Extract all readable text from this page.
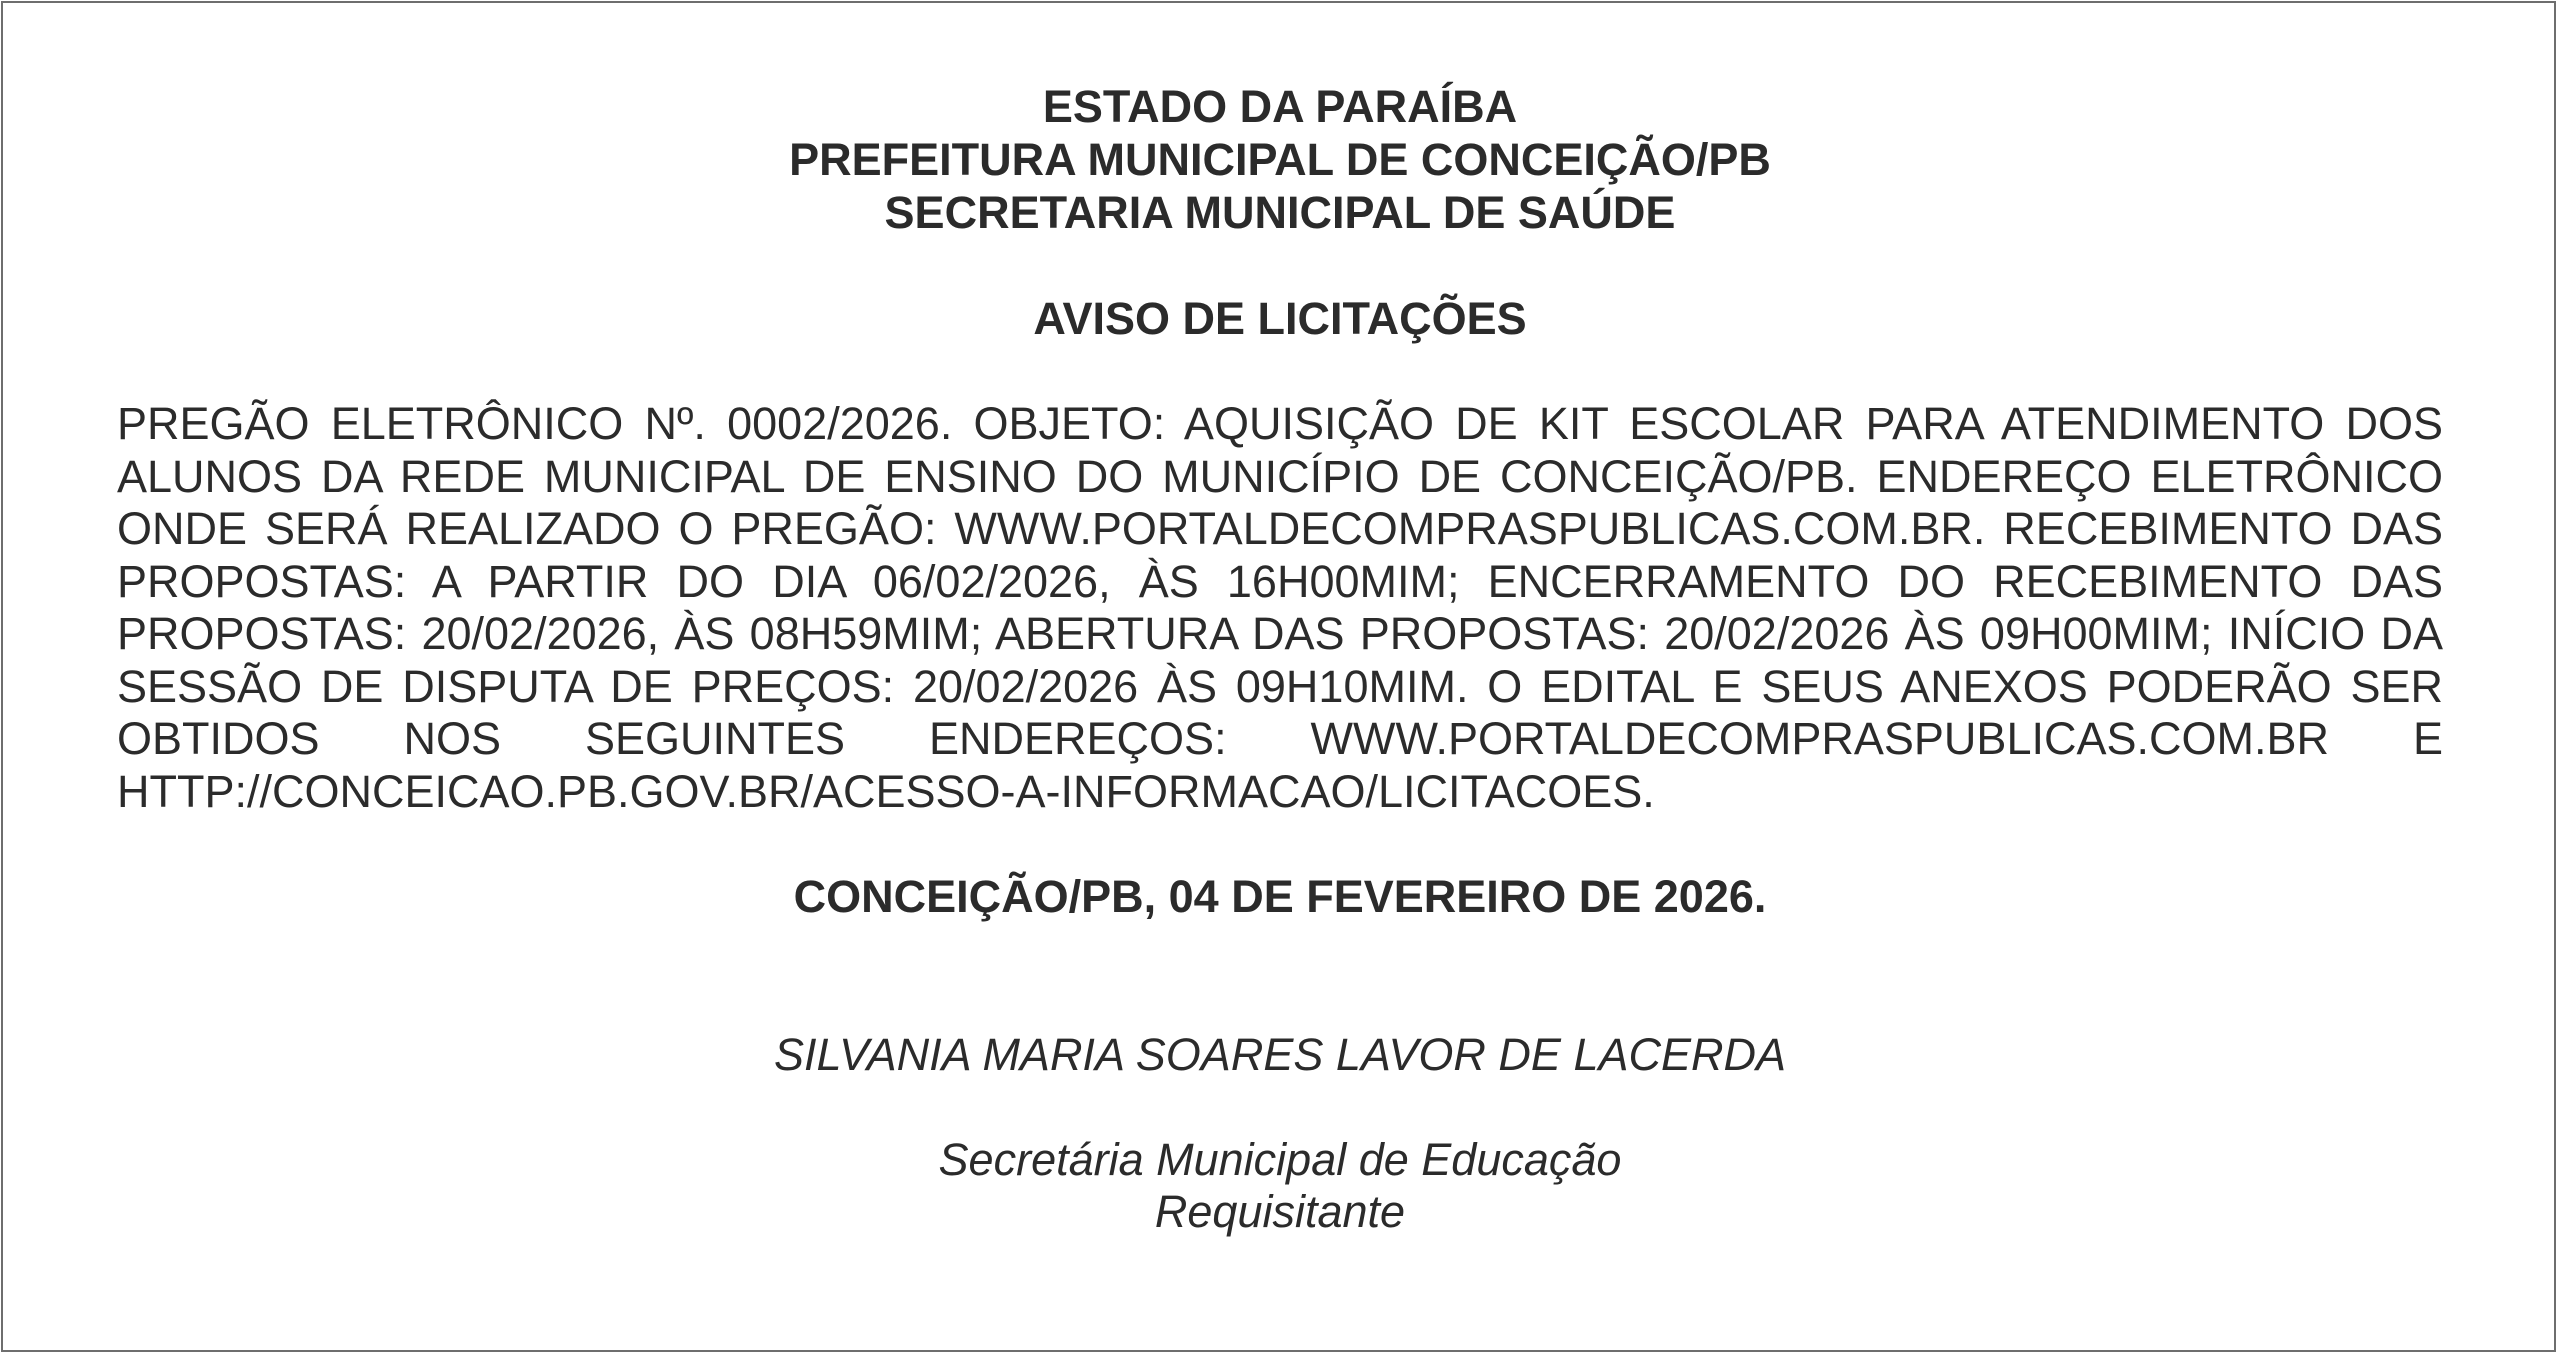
ESTADO DA PARAÍBA
PREFEITURA MUNICIPAL DE CONCEIÇÃO/PB
SECRETARIA MUNICIPAL DE SAÚDE
AVISO DE LICITAÇÕES
PREGÃO ELETRÔNICO Nº. 0002/2026. OBJETO: AQUISIÇÃO DE KIT ESCOLAR PARA ATENDIMENTO DOS ALUNOS DA REDE MUNICIPAL DE ENSINO DO MUNICÍPIO DE CONCEIÇÃO/PB. ENDEREÇO ELETRÔNICO ONDE SERÁ REALIZADO O PREGÃO: WWW.PORTALDECOMPRASPUBLICAS.COM.BR. RECEBIMENTO DAS PROPOSTAS: A PARTIR DO DIA 06/02/2026, ÀS 16H00MIM; ENCERRAMENTO DO RECEBIMENTO DAS PROPOSTAS: 20/02/2026, ÀS 08H59MIM; ABERTURA DAS PROPOSTAS: 20/02/2026 ÀS 09H00MIM; INÍCIO DA SESSÃO DE DISPUTA DE PREÇOS: 20/02/2026 ÀS 09H10MIM. O EDITAL E SEUS ANEXOS PODERÃO SER OBTIDOS NOS SEGUINTES ENDEREÇOS: WWW.PORTALDECOMPRASPUBLICAS.COM.BR E HTTP://CONCEICAO.PB.GOV.BR/ACESSO-A-INFORMACAO/LICITACOES.
CONCEIÇÃO/PB, 04 DE FEVEREIRO DE 2026.
SILVANIA MARIA SOARES LAVOR DE LACERDA
Secretária Municipal de Educação
Requisitante
